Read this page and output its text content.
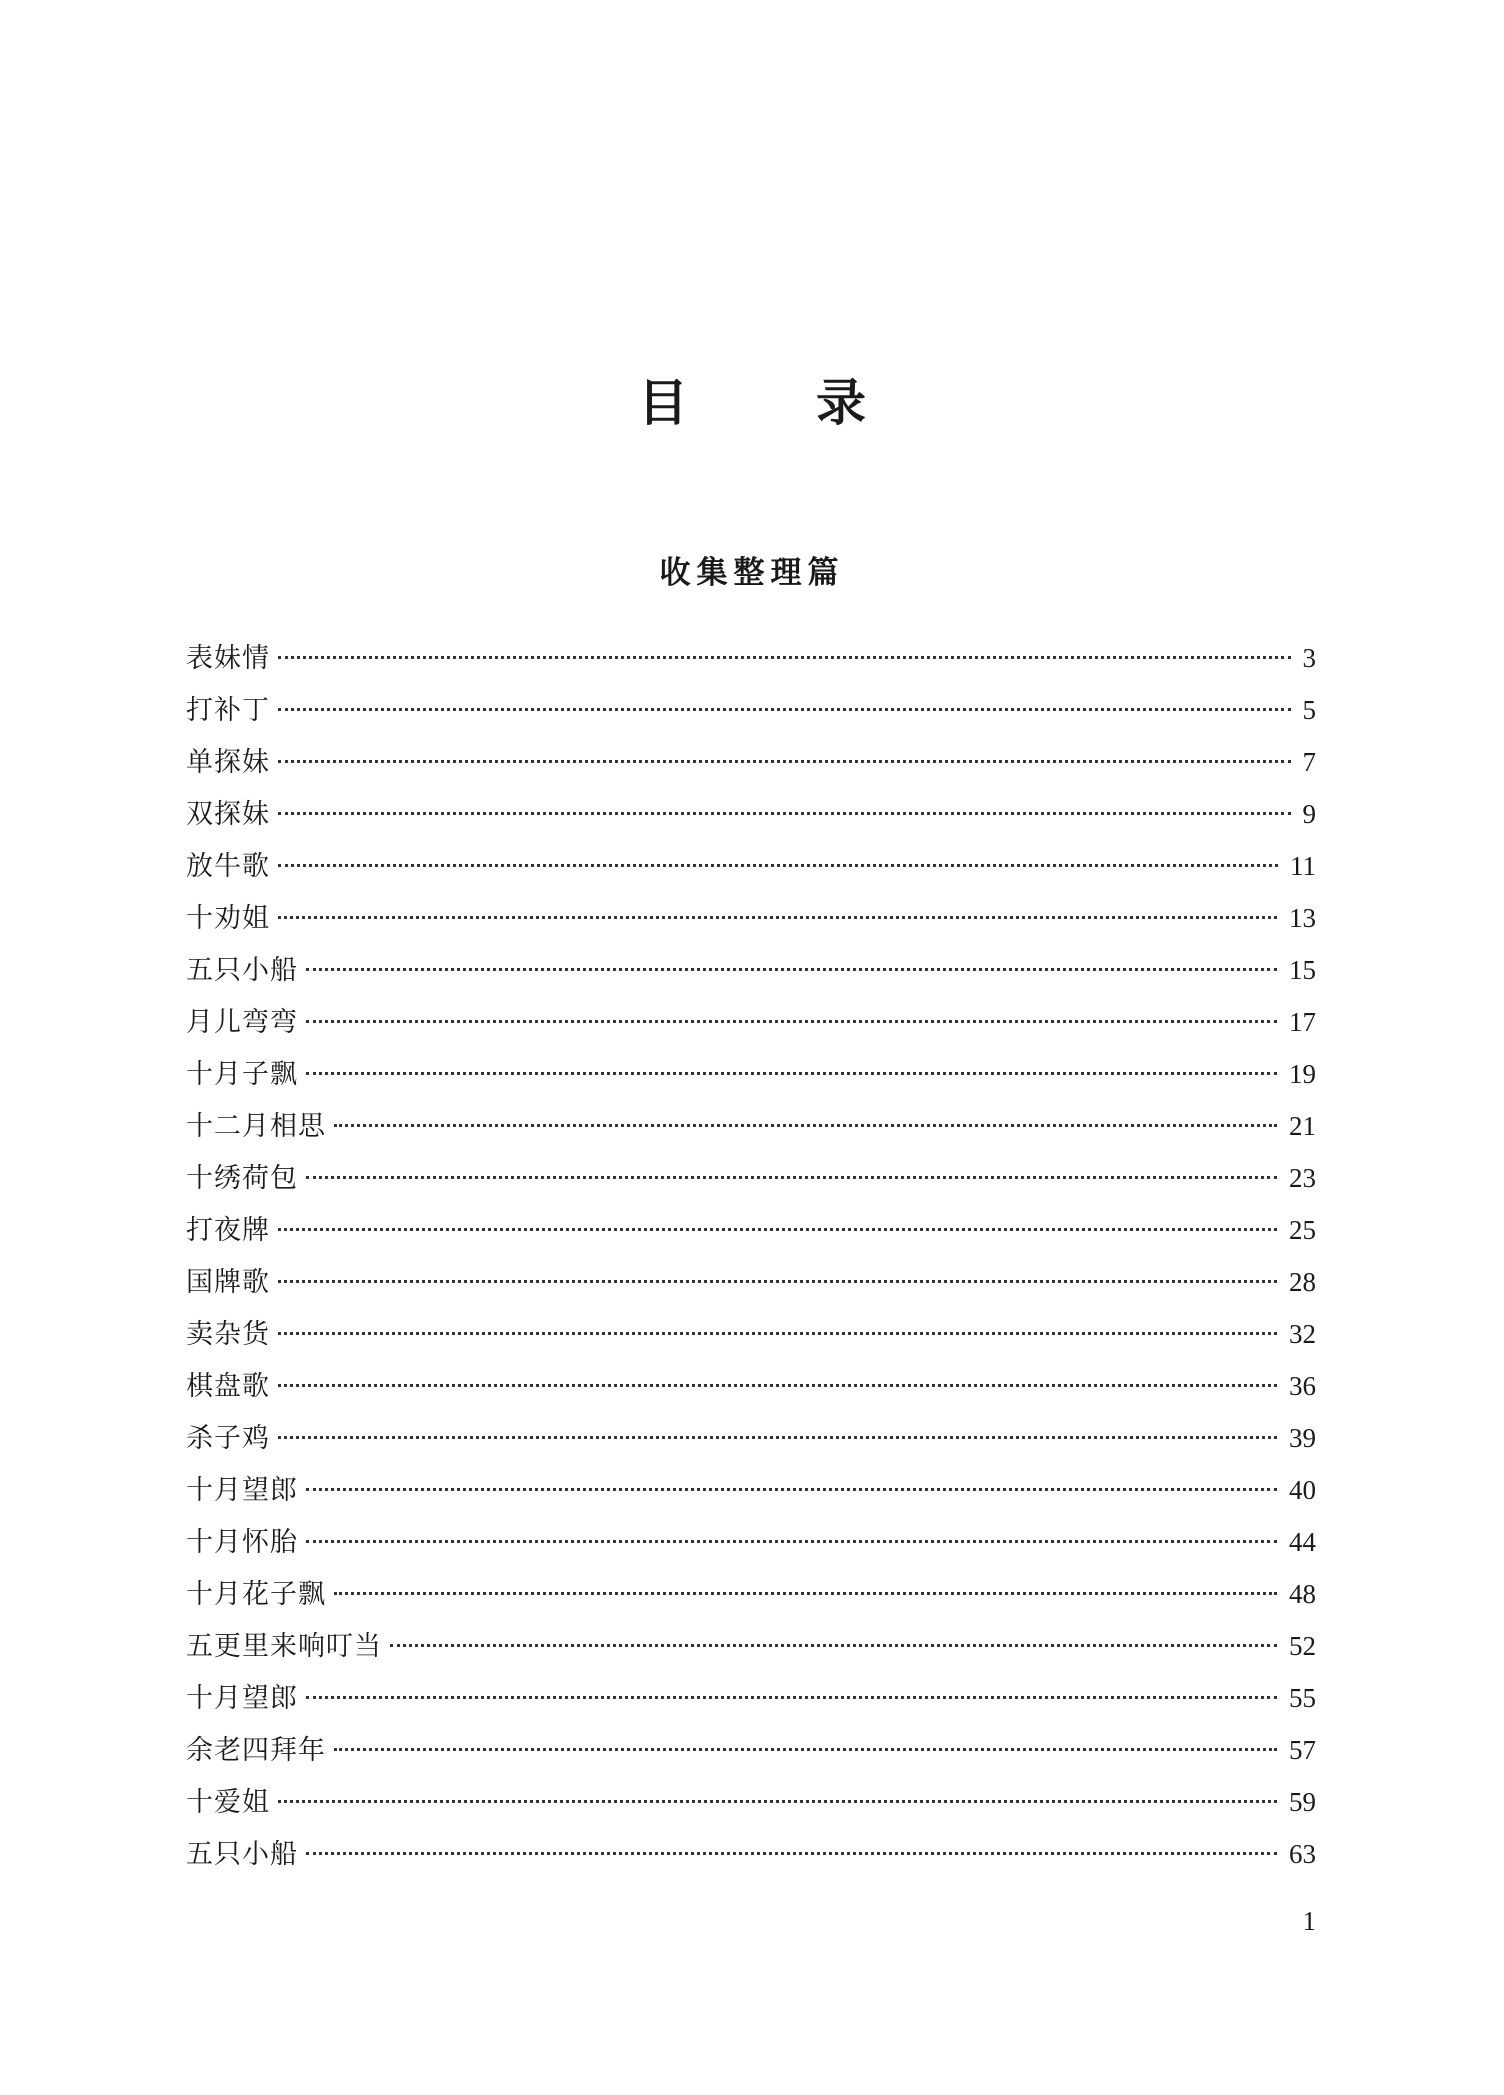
目	录
收集整理篇
表妹情	3
打补丁	5
单探妹	7
双探妹	9
放牛歌	11
十劝姐	13
五只小船	15
月儿弯弯	17
十月子飘	19
十二月相思	21
十绣荷包	23
打夜牌	25
国牌歌	28
卖杂货	32
棋盘歌	36
杀子鸡	39
十月望郎	40
十月怀胎	44
十月花子飘	48
五更里来响叮当	52
十月望郎	55
余老四拜年	57
十爱姐	59
五只小船	63
1
